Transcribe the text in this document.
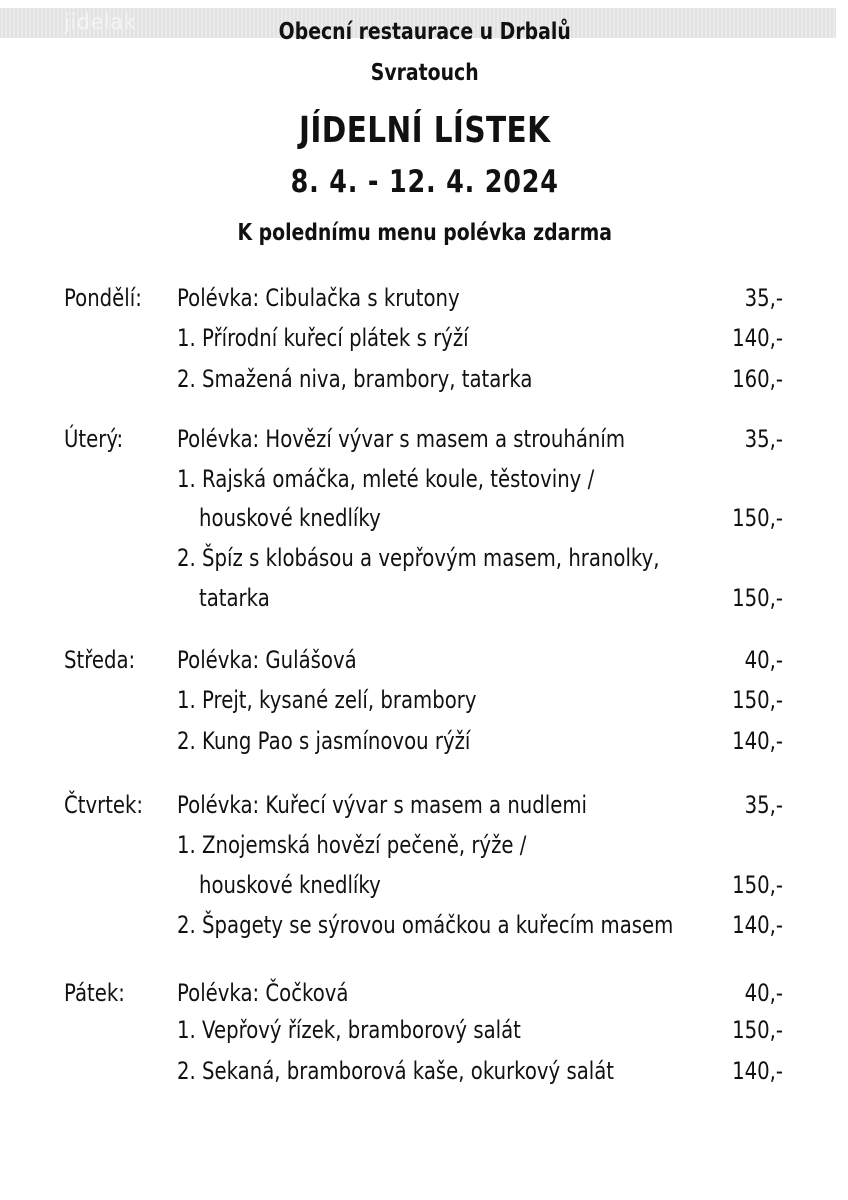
jidelak	Obecní restaurace u Drbalů
Svratouch
JÍDELNÍ LÍSTEK
8. 4. - 12. 4. 2024
K polednímu menu polévka zdarma
Pondělí: Polévka: Cibulačka s krutony	35,-
1. Přírodní kuřecí plátek s rýží	140,-
2. Smažená niva, brambory, tatarka	160,-
Úterý: Polévka: Hovězí vývar s masem a strouháním	35,-
1. Rajská omáčka, mleté koule, těstoviny /
houskové knedlíky	150,-
2. Špíz s klobásou a vepřovým masem, hranolky,
tatarka	150,-
Středa: Polévka: Gulášová	40,-
1. Prejt, kysané zelí, brambory	150,-
2. Kung Pao s jasmínovou rýží	140,-
Čtvrtek: Polévka: Kuřecí vývar s masem a nudlemi	35,-
1. Znojemská hovězí pečeně, rýže /
houskové knedlíky	150,-
2. Špagety se sýrovou omáčkou a kuřecím masem	140,-
Pátek: Polévka: Čočková	40,-
1. Vepřový řízek, bramborový salát	150,-
2. Sekaná, bramborová kaše, okurkový salát	140,-
